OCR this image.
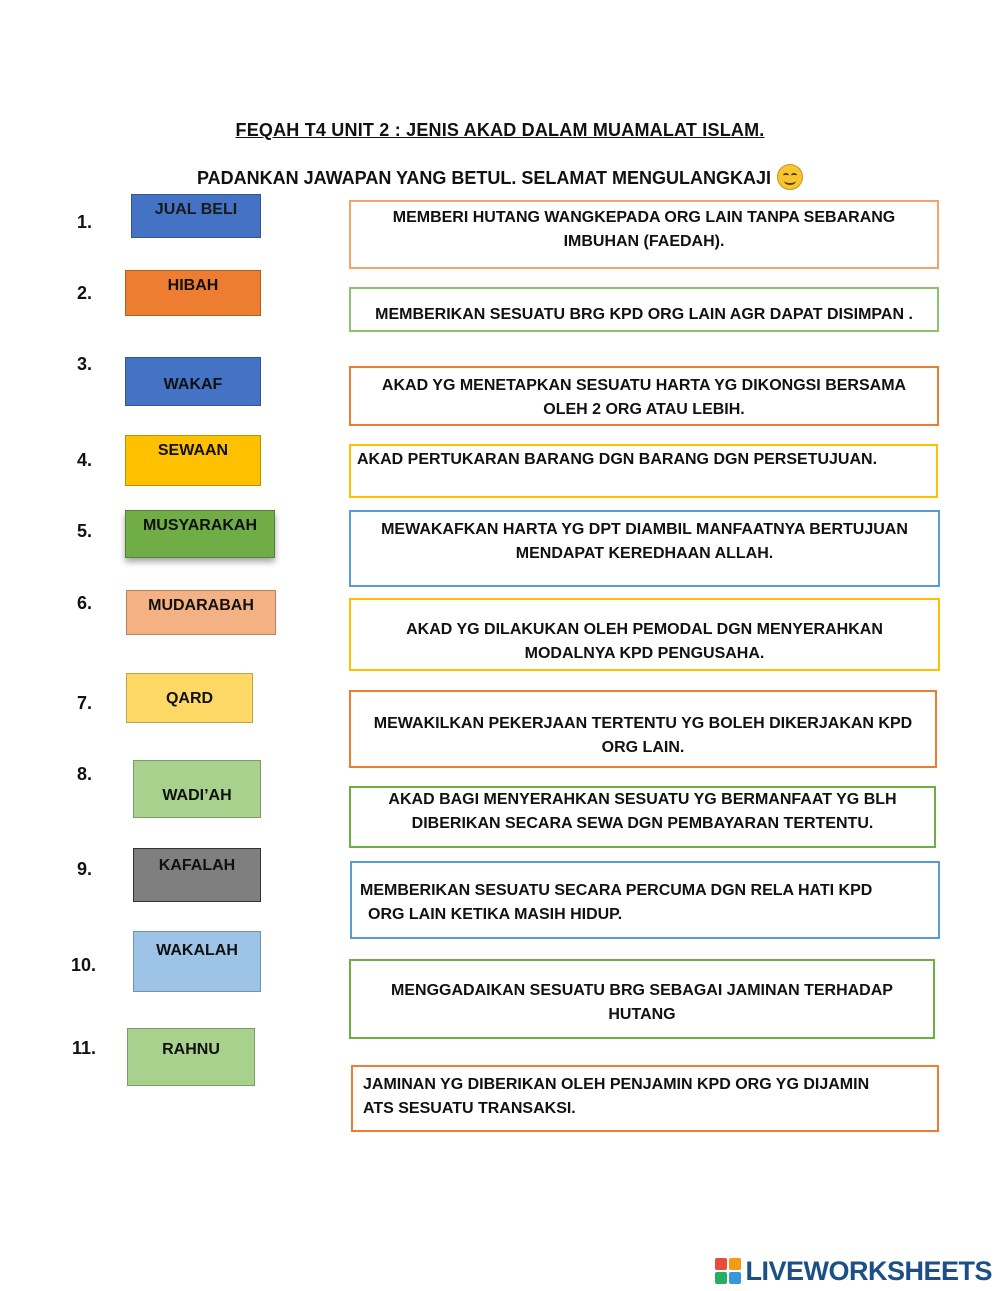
FEQAH T4 UNIT 2 : JENIS AKAD DALAM MUAMALAT ISLAM.
PADANKAN JAWAPAN YANG BETUL. SELAMAT MENGULANGKAJI
1.
2.
3.
4.
5.
6.
7.
8.
9.
10.
11.
JUAL BELI
HIBAH
WAKAF
SEWAAN
MUSYARAKAH
MUDARABAH
QARD
WADI’AH
KAFALAH
WAKALAH
RAHNU
MEMBERI HUTANG WANGKEPADA ORG LAIN TANPA SEBARANG
IMBUHAN (FAEDAH).
MEMBERIKAN SESUATU BRG KPD ORG LAIN AGR DAPAT DISIMPAN .
AKAD YG MENETAPKAN SESUATU HARTA YG DIKONGSI BERSAMA
OLEH 2 ORG ATAU LEBIH.
AKAD PERTUKARAN BARANG DGN BARANG DGN PERSETUJUAN.
MEWAKAFKAN HARTA YG DPT DIAMBIL MANFAATNYA BERTUJUAN
MENDAPAT KEREDHAAN ALLAH.
AKAD YG DILAKUKAN OLEH PEMODAL DGN MENYERAHKAN
MODALNYA KPD PENGUSAHA.
MEWAKILKAN PEKERJAAN TERTENTU YG BOLEH DIKERJAKAN KPD
ORG LAIN.
AKAD BAGI MENYERAHKAN SESUATU YG BERMANFAAT YG BLH
DIBERIKAN SECARA SEWA DGN PEMBAYARAN TERTENTU.
MEMBERIKAN SESUATU SECARA PERCUMA DGN RELA HATI KPD
ORG LAIN KETIKA MASIH HIDUP.
MENGGADAIKAN SESUATU BRG SEBAGAI JAMINAN TERHADAP
HUTANG
JAMINAN YG DIBERIKAN OLEH PENJAMIN KPD ORG YG DIJAMIN
ATS SESUATU TRANSAKSI.
LIVEWORKSHEETS
